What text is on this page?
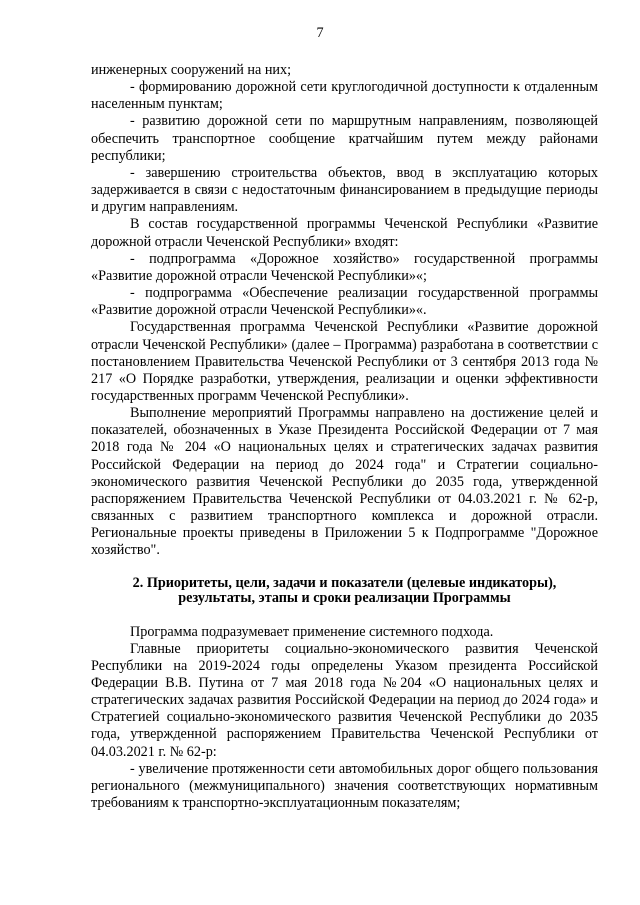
7

инженерных сооружений на них;

- формированию дорожной сети круглогодичной доступности к отдаленным населенным пунктам;

- развитию дорожной сети по маршрутным направлениям, позволяющей обеспечить транспортное сообщение кратчайшим путем между районами республики;

- завершению строительства объектов, ввод в эксплуатацию которых задерживается в связи с недостаточным финансированием в предыдущие периоды и другим направлениям.

В состав государственной программы Чеченской Республики «Развитие дорожной отрасли Чеченской Республики» входят:

- подпрограмма «Дорожное хозяйство» государственной программы «Развитие дорожной отрасли Чеченской Республики»«;

- подпрограмма «Обеспечение реализации государственной программы «Развитие дорожной отрасли Чеченской Республики»«.

Государственная программа Чеченской Республики «Развитие дорожной отрасли Чеченской Республики» (далее – Программа) разработана в соответствии с постановлением Правительства Чеченской Республики от 3 сентября 2013 года № 217 «О Порядке разработки, утверждения, реализации и оценки эффективности государственных программ Чеченской Республики».

Выполнение мероприятий Программы направлено на достижение целей и показателей, обозначенных в Указе Президента Российской Федерации от 7 мая 2018 года № 204 «О национальных целях и стратегических задачах развития Российской Федерации на период до 2024 года" и Стратегии социально-экономического развития Чеченской Республики до 2035 года, утвержденной распоряжением Правительства Чеченской Республики от 04.03.2021 г. № 62-р, связанных с развитием транспортного комплекса и дорожной отрасли. Региональные проекты приведены в Приложении 5 к Подпрограмме "Дорожное хозяйство".

2. Приоритеты, цели, задачи и показатели (целевые индикаторы),
результаты, этапы и сроки реализации Программы

Программа подразумевает применение системного подхода.

Главные приоритеты социально-экономического развития Чеченской Республики на 2019-2024 годы определены Указом президента Российской Федерации В.В. Путина от 7 мая 2018 года №204 «О национальных целях и стратегических задачах развития Российской Федерации на период до 2024 года» и Стратегией социально-экономического развития Чеченской Республики до 2035 года, утвержденной распоряжением Правительства Чеченской Республики от 04.03.2021 г. № 62-р:

- увеличение протяженности сети автомобильных дорог общего пользования регионального (межмуниципального) значения соответствующих нормативным требованиям к транспортно-эксплуатационным показателям;
